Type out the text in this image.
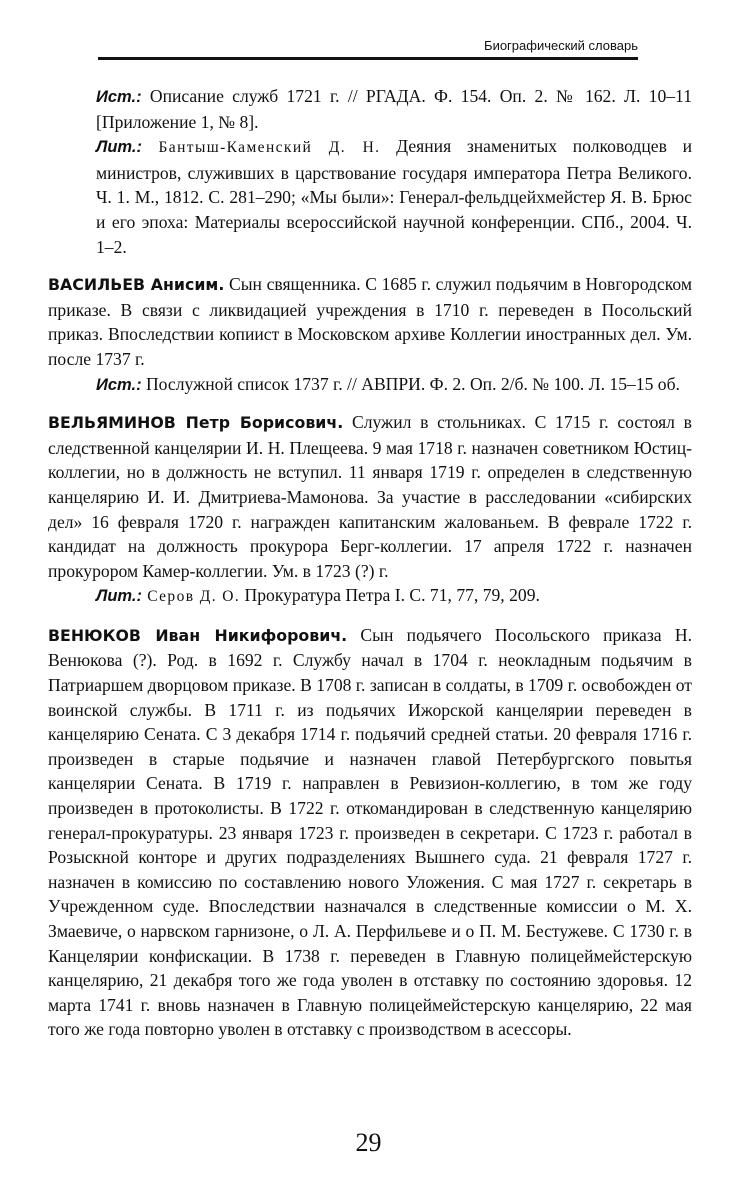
Биографический словарь
Ист.: Описание служб 1721 г. // РГАДА. Ф. 154. Оп. 2. № 162. Л. 10–11 [Приложение 1, № 8].
Лит.: Бантыш-Каменский Д. Н. Деяния знаменитых полководцев и министров, служивших в царствование государя императора Петра Великого. Ч. 1. М., 1812. С. 281–290; «Мы были»: Генерал-фельдцейхмейстер Я. В. Брюс и его эпоха: Материалы всероссийской научной конференции. СПб., 2004. Ч. 1–2.
ВАСИЛЬЕВ Анисим. Сын священника. С 1685 г. служил подьячим в Новгородском приказе. В связи с ликвидацией учреждения в 1710 г. переведен в Посольский приказ. Впоследствии копиист в Московском архиве Коллегии иностранных дел. Ум. после 1737 г.
Ист.: Послужной список 1737 г. // АВПРИ. Ф. 2. Оп. 2/б. № 100. Л. 15–15 об.
ВЕЛЬЯМИНОВ Петр Борисович. Служил в стольниках. С 1715 г. состоял в следственной канцелярии И. Н. Плещеева. 9 мая 1718 г. назначен советником Юстиц-коллегии, но в должность не вступил. 11 января 1719 г. определен в следственную канцелярию И. И. Дмитриева-Мамонова. За участие в расследовании «сибирских дел» 16 февраля 1720 г. награжден капитанским жалованьем. В феврале 1722 г. кандидат на должность прокурора Берг-коллегии. 17 апреля 1722 г. назначен прокурором Камер-коллегии. Ум. в 1723 (?) г.
Лит.: Серов Д. О. Прокуратура Петра I. С. 71, 77, 79, 209.
ВЕНЮКОВ Иван Никифорович. Сын подьячего Посольского приказа Н. Венюкова (?). Род. в 1692 г. Службу начал в 1704 г. неокладным подьячим в Патриаршем дворцовом приказе. В 1708 г. записан в солдаты, в 1709 г. освобожден от воинской службы. В 1711 г. из подьячих Ижорской канцелярии переведен в канцелярию Сената. С 3 декабря 1714 г. подьячий средней статьи. 20 февраля 1716 г. произведен в старые подьячие и назначен главой Петербургского повытья канцелярии Сената. В 1719 г. направлен в Ревизион-коллегию, в том же году произведен в протоколисты. В 1722 г. откомандирован в следственную канцелярию генерал-прокуратуры. 23 января 1723 г. произведен в секретари. С 1723 г. работал в Розыскной конторе и других подразделениях Вышнего суда. 21 февраля 1727 г. назначен в комиссию по составлению нового Уложения. С мая 1727 г. секретарь в Учрежденном суде. Впоследствии назначался в следственные комиссии о М. Х. Змаевиче, о нарвском гарнизоне, о Л. А. Перфильеве и о П. М. Бестужеве. С 1730 г. в Канцелярии конфискации. В 1738 г. переведен в Главную полицеймейстерскую канцелярию, 21 декабря того же года уволен в отставку по состоянию здоровья. 12 марта 1741 г. вновь назначен в Главную полицеймейстерскую канцелярию, 22 мая того же года повторно уволен в отставку с производством в асессоры.
29
